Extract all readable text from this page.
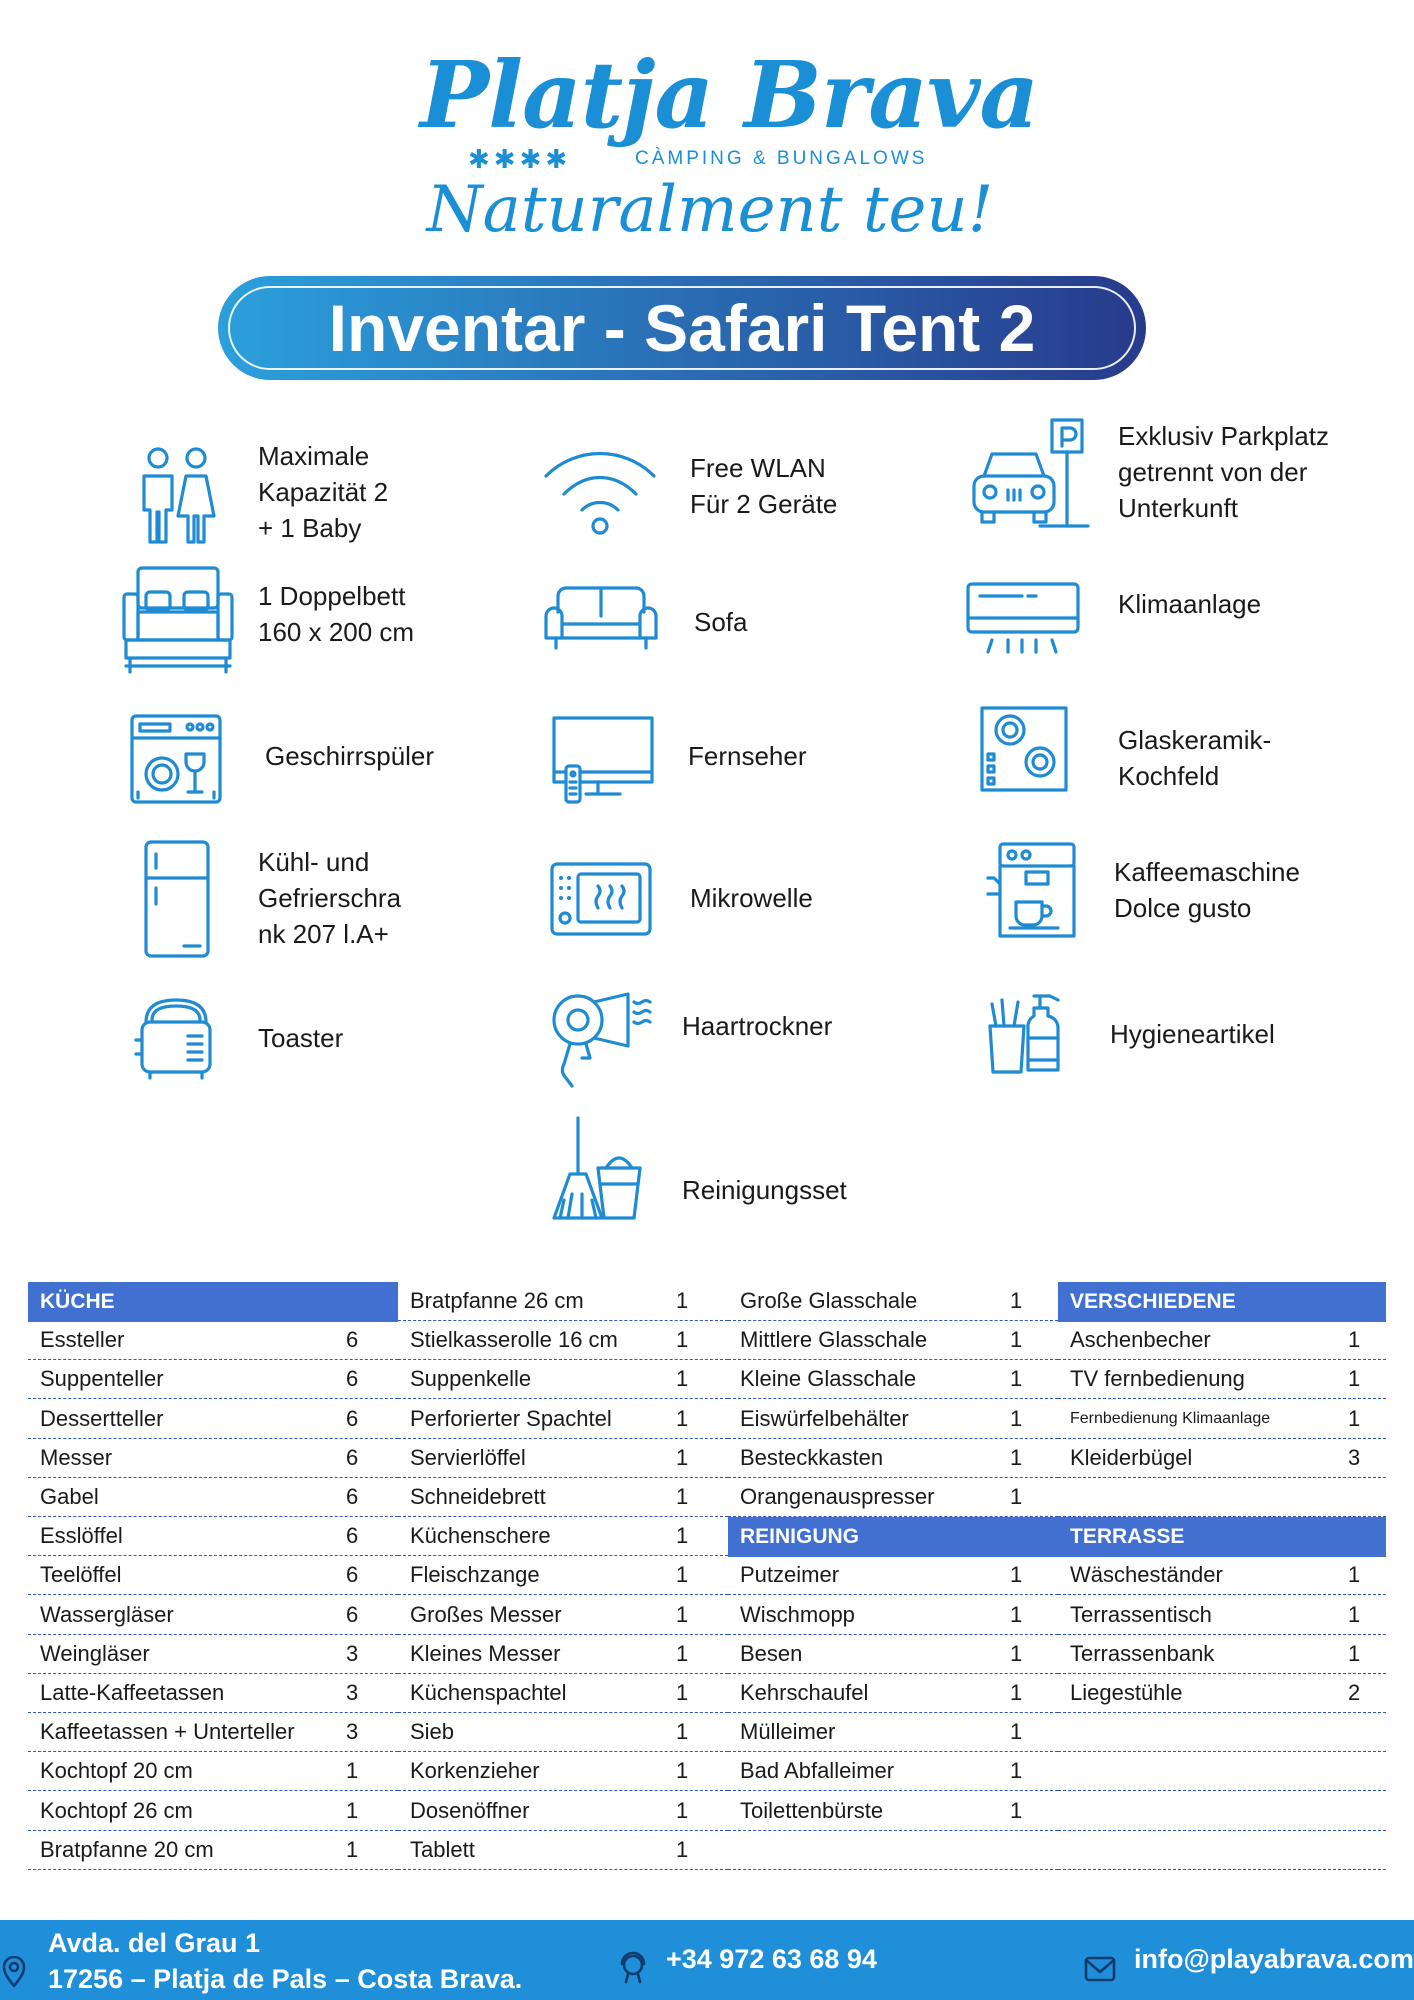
Platja Brava
✱✱✱✱	CÀMPING & BUNGALOWS
Naturalment teu!
Inventar - Safari Tent 2
Maximale
Kapazität 2
+ 1 Baby
Free WLAN
Für 2 Geräte
Exklusiv Parkplatz
getrennt von der
Unterkunft
1 Doppelbett
160 x 200 cm	Sofa
Klimaanlage
Geschirrspüler	Fernseher
Glaskeramik-
Kochfeld
Kühl- und
Gefrierschra
nk 207 l.A+
Mikrowelle
Kaffeemaschine
Dolce gusto
Toaster	Haartrockner	Hygieneartikel
Reinigungsset
KÜCHE
Essteller	6
Suppenteller	6
Dessertteller	6
Messer	6
Gabel	6
Esslöffel	6
Teelöffel	6
Wassergläser	6
Weingläser	3
Latte-Kaffeetassen	3
Kaffeetassen + Unterteller 3
Kochtopf 20 cm	1
Kochtopf 26 cm	1
Bratpfanne 20 cm	1
Bratpfanne 26 cm	1
Stielkasserolle 16 cm	1
Suppenkelle	1
Perforierter Spachtel	1
Servierlöffel	1
Schneidebrett	1
Küchenschere	1
Fleischzange	1
Großes Messer	1
Kleines Messer	1
Küchenspachtel	1
Sieb	1
Korkenzieher	1
Dosenöffner	1
Tablett	1
Große Glasschale	1
Mittlere Glasschale	1
Kleine Glasschale	1
Eiswürfelbehälter	1
Besteckkasten	1
Orangenauspresser	1
REINIGUNG
Putzeimer	1
Wischmopp	1
Besen	1
Kehrschaufel	1
Mülleimer	1
Bad Abfalleimer	1
Toilettenbürste	1
VERSCHIEDENE
Aschenbecher	1
TV fernbedienung	1
Fernbedienung Klimaanlage	1
Kleiderbügel	3
TERRASSE
Wäscheständer	1
Terrassentisch	1
Terrassenbank	1
Liegestühle	2
Avda. del Grau 1
17256 – Platja de Pals – Costa Brava.
+34 972 63 68 94	info@playabrava.com
